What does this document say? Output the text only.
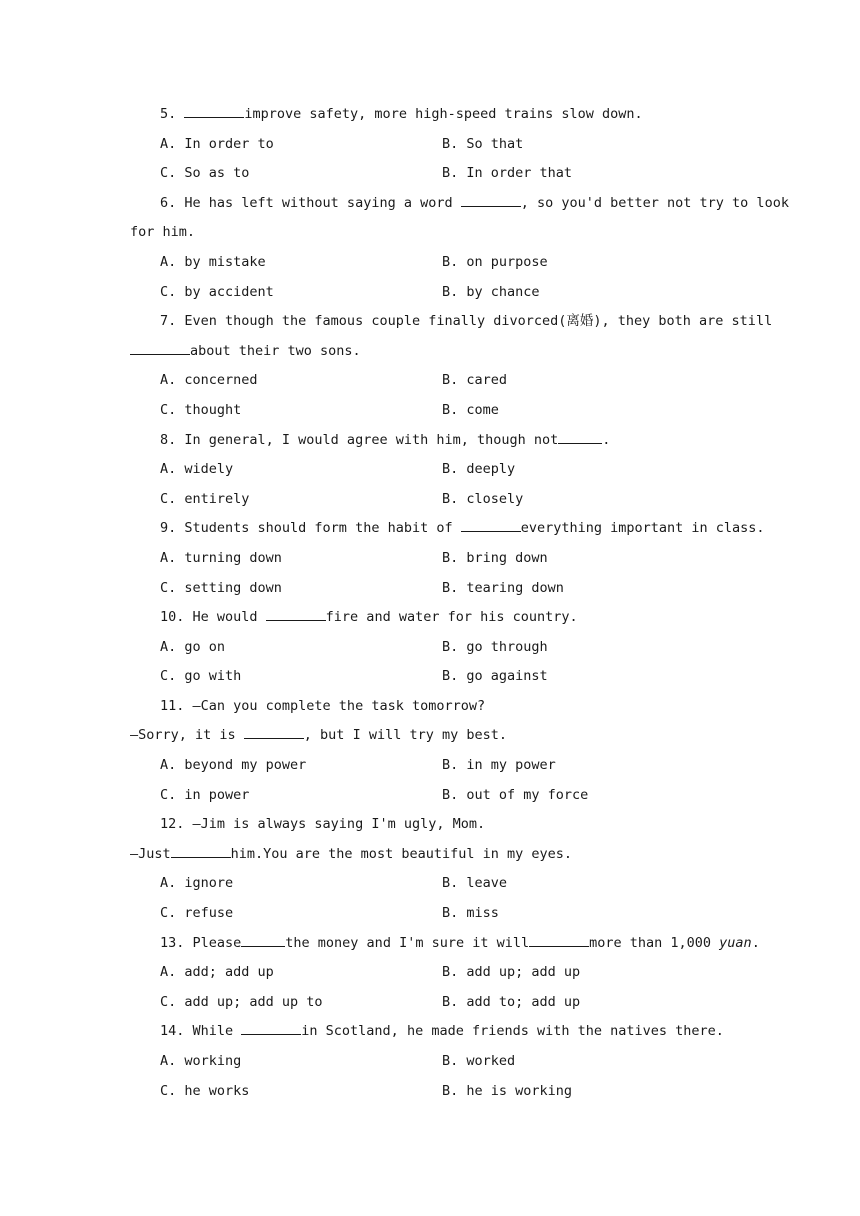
5.	improve safety, more high-speed trains slow down.
A. In order to	B. So that
C. So as to	B. In order that
6. He has left without saying a word	, so you'd better not try to look
for him.
A. by mistake	B. on purpose
C. by accident	B. by chance
7. Even though the famous couple finally divorced(离婚), they both are still
about their two sons.
A. concerned	B. cared
C. thought	B. come
8. In general, I would agree with him, though not	.
A. widely	B. deeply
C. entirely	B. closely
9. Students should form the habit of	everything important in class.
A. turning down	B. bring down
C. setting down	B. tearing down
10. He would	fire and water for his country.
A. go on	B. go through
C. go with	B. go against
11. —Can you complete the task tomorrow?
—Sorry, it is	, but I will try my best.
A. beyond my power	B. in my power
C. in power	B. out of my force
12. —Jim is always saying I'm ugly, Mom.
—Just	him.You are the most beautiful in my eyes.
A. ignore	B. leave
C. refuse	B. miss
13. Please	the money and I'm sure it will	more than 1,000 yuan.
A. add; add up	B. add up; add up
C. add up; add up to	B. add to; add up
14. While	in Scotland, he made friends with the natives there.
A. working	B. worked
C. he works	B. he is working
